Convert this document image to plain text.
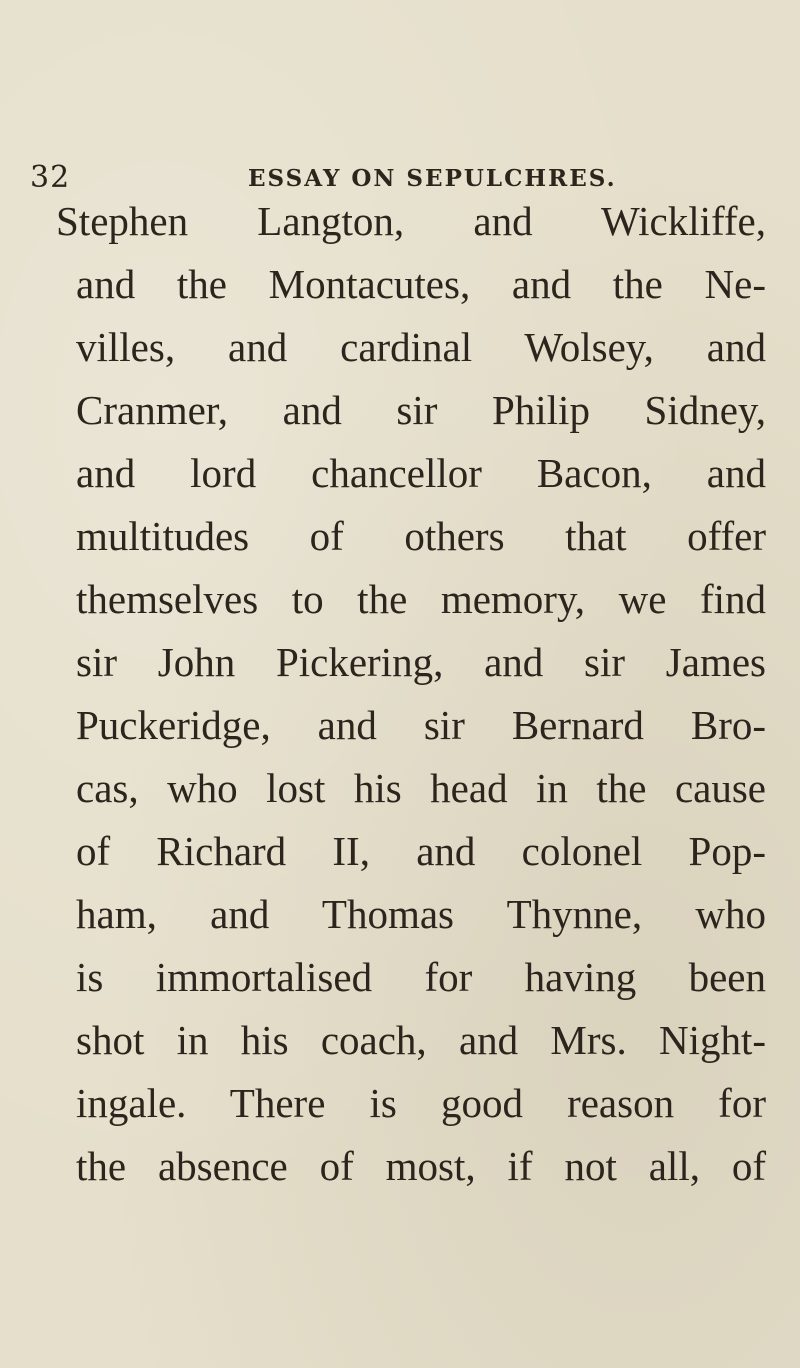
32	ESSAY ON SEPULCHRES.
Stephen Langton, and Wickliffe,
and the Montacutes, and the Ne-
villes, and cardinal Wolsey, and
Cranmer, and sir Philip Sidney,
and lord chancellor Bacon, and
multitudes of others that offer
themselves to the memory, we find
sir John Pickering, and sir James
Puckeridge, and sir Bernard Bro-
cas, who lost his head in the cause
of Richard II, and colonel Pop-
ham, and Thomas Thynne, who
is immortalised for having been
shot in his coach, and Mrs. Night-
ingale. There is good reason for
the absence of most, if not all, of
